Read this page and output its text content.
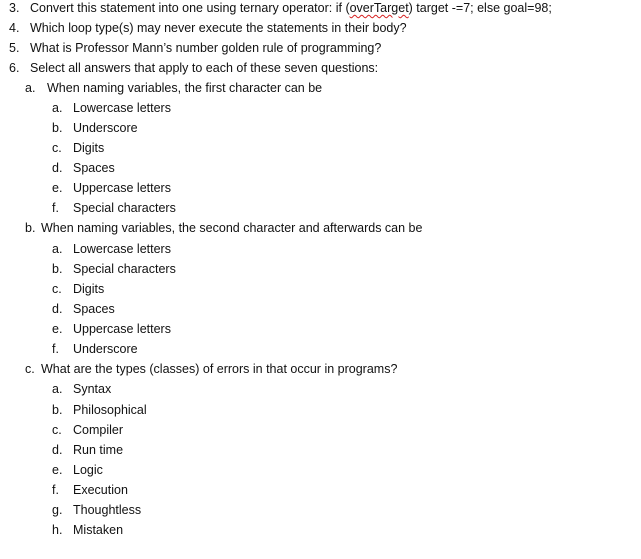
3. Convert this statement into one using ternary operator: if (overTarget) target -=7; else goal=98;
4. Which loop type(s) may never execute the statements in their body?
5. What is Professor Mann’s number golden rule of programming?
6. Select all answers that apply to each of these seven questions:
a. When naming variables, the first character can be
a. Lowercase letters
b. Underscore
c. Digits
d. Spaces
e. Uppercase letters
f. Special characters
b. When naming variables, the second character and afterwards can be
a. Lowercase letters
b. Special characters
c. Digits
d. Spaces
e. Uppercase letters
f. Underscore
c. What are the types (classes) of errors in that occur in programs?
a. Syntax
b. Philosophical
c. Compiler
d. Run time
e. Logic
f. Execution
g. Thoughtless
h. Mistaken
